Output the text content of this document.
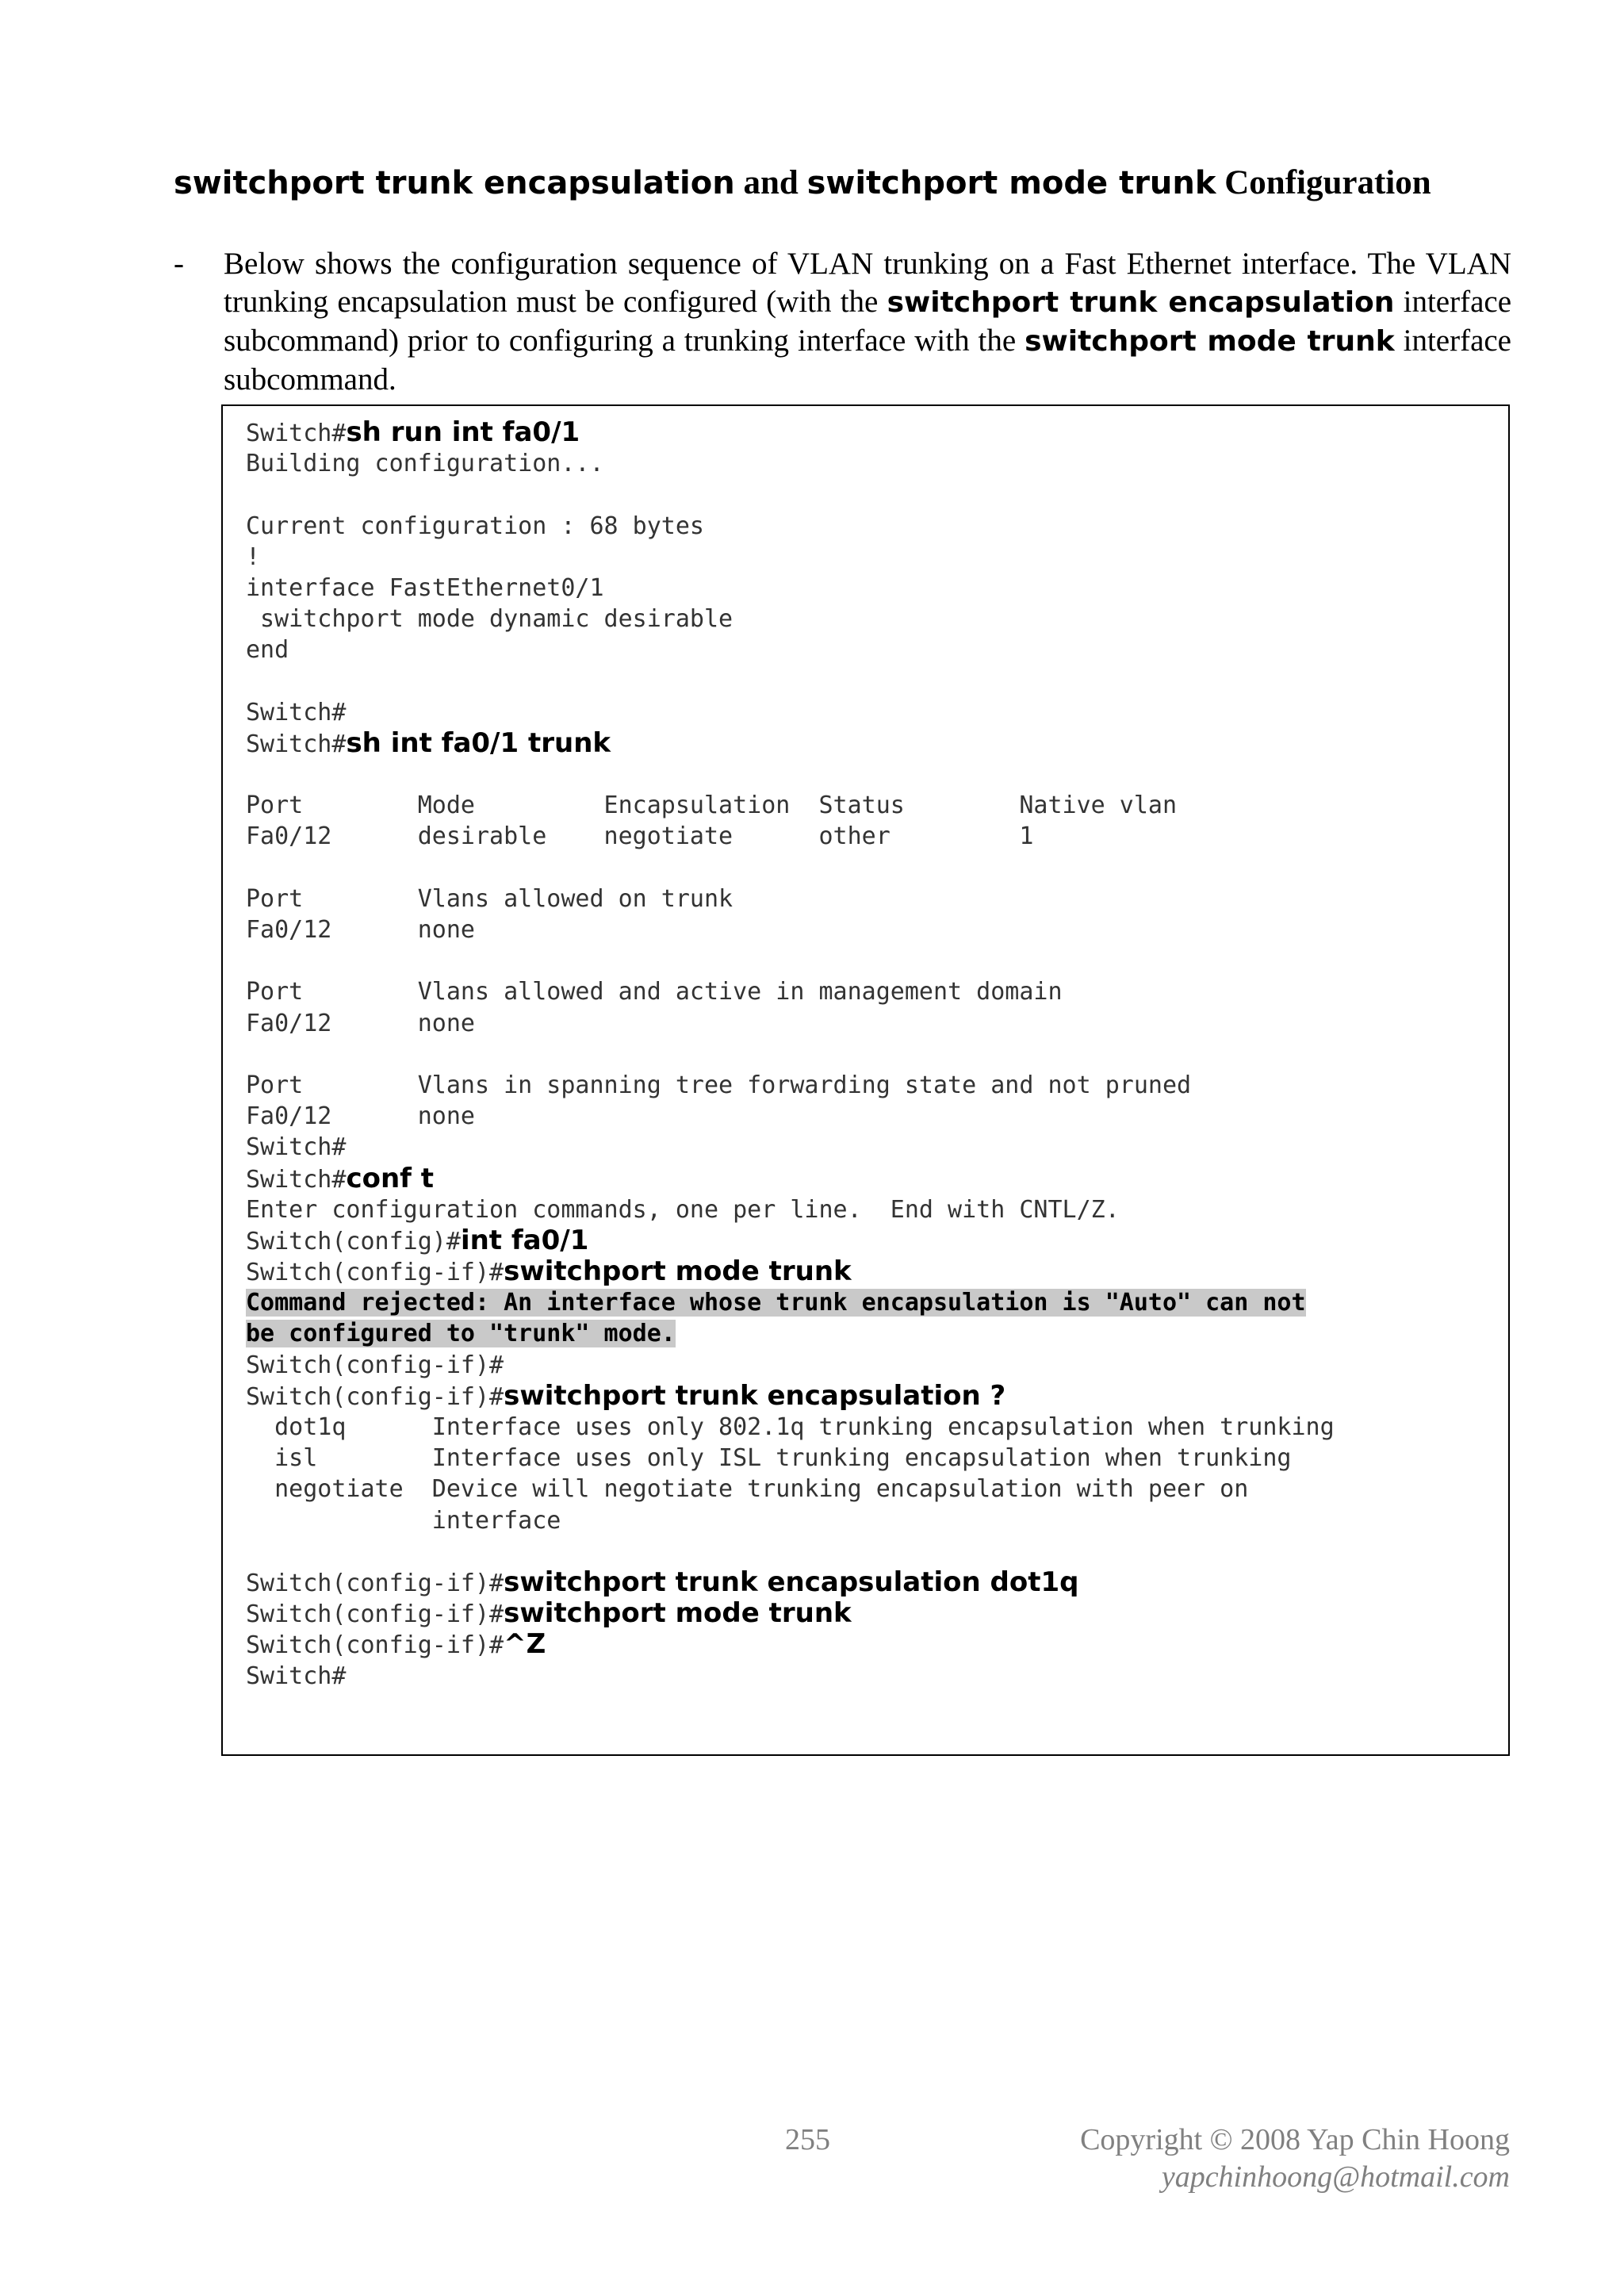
switchport trunk encapsulation and switchport mode trunk Configuration
- Below shows the configuration sequence of VLAN trunking on a Fast Ethernet interface. The VLAN trunking encapsulation must be configured (with the switchport trunk encapsulation interface subcommand) prior to configuring a trunking interface with the switchport mode trunk interface subcommand.

Switch#sh run int fa0/1
Building configuration...
Current configuration : 68 bytes
!
interface FastEthernet0/1
switchport mode dynamic desirable
end
Switch#
Switch#sh int fa0/1 trunk
Port        Mode         Encapsulation  Status        Native vlan
Fa0/12      desirable    negotiate      other         1
Port        Vlans allowed on trunk
Fa0/12      none
Port        Vlans allowed and active in management domain
Fa0/12      none
Port        Vlans in spanning tree forwarding state and not pruned
Fa0/12      none
Switch#
Switch#conf t
Enter configuration commands, one per line.  End with CNTL/Z.
Switch(config)#int fa0/1
Switch(config-if)#switchport mode trunk
Command rejected: An interface whose trunk encapsulation is "Auto" can not
be configured to "trunk" mode.
Switch(config-if)#
Switch(config-if)#switchport trunk encapsulation ?
dot1q      Interface uses only 802.1q trunking encapsulation when trunking
isl        Interface uses only ISL trunking encapsulation when trunking
negotiate  Device will negotiate trunking encapsulation with peer on
interface
Switch(config-if)#switchport trunk encapsulation dot1q
Switch(config-if)#switchport mode trunk
Switch(config-if)#^Z
Switch#
255	Copyright © 2008 Yap Chin Hoong
yapchinhoong@hotmail.com
